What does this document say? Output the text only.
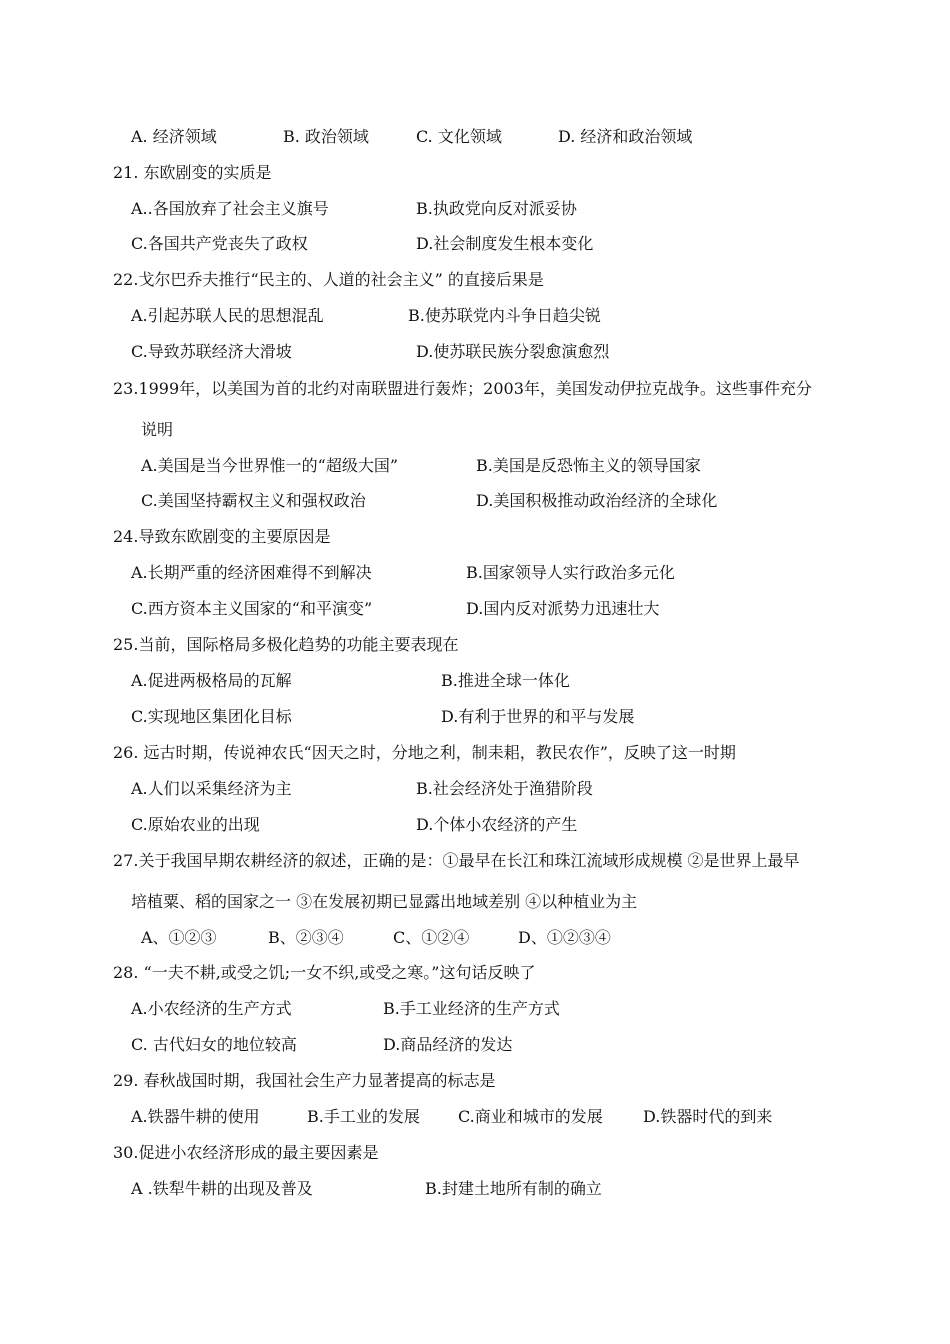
A. 经济领域	B. 政治领域	C. 文化领域	D. 经济和政治领域
21. 东欧剧变的实质是
A..各国放弃了社会主义旗号	B.执政党向反对派妥协
C.各国共产党丧失了政权	D.社会制度发生根本变化
22.戈尔巴乔夫推行“民主的、人道的社会主义” 的直接后果是
A.引起苏联人民的思想混乱	B.使苏联党内斗争日趋尖锐
C.导致苏联经济大滑坡	D.使苏联民族分裂愈演愈烈
23.1999年，以美国为首的北约对南联盟进行轰炸；2003年，美国发动伊拉克战争。这些事件充分
说明
A.美国是当今世界惟一的“超级大国”	B.美国是反恐怖主义的领导国家
C.美国坚持霸权主义和强权政治	D.美国积极推动政治经济的全球化
24.导致东欧剧变的主要原因是
A.长期严重的经济困难得不到解决	B.国家领导人实行政治多元化
C.西方资本主义国家的“和平演变”	D.国内反对派势力迅速壮大
25.当前，国际格局多极化趋势的功能主要表现在
A.促进两极格局的瓦解	B.推进全球一体化
C.实现地区集团化目标	D.有利于世界的和平与发展
26. 远古时期，传说神农氏“因天之时，分地之利，制耒耜，教民农作”，反映了这一时期
A.人们以采集经济为主	B.社会经济处于渔猎阶段
C.原始农业的出现	D.个体小农经济的产生
27.关于我国早期农耕经济的叙述，正确的是：①最早在长江和珠江流域形成规模 ②是世界上最早
培植粟、稻的国家之一 ③在发展初期已显露出地域差别 ④以种植业为主
A、①②③	B、②③④	C、①②④	D、①②③④
28. “一夫不耕,或受之饥;一女不织,或受之寒。”这句话反映了
A.小农经济的生产方式	B.手工业经济的生产方式
C. 古代妇女的地位较高	D.商品经济的发达
29. 春秋战国时期，我国社会生产力显著提高的标志是
A.铁器牛耕的使用	B.手工业的发展 C.商业和城市的发展	D.铁器时代的到来
30.促进小农经济形成的最主要因素是
A .铁犁牛耕的出现及普及	B.封建土地所有制的确立
